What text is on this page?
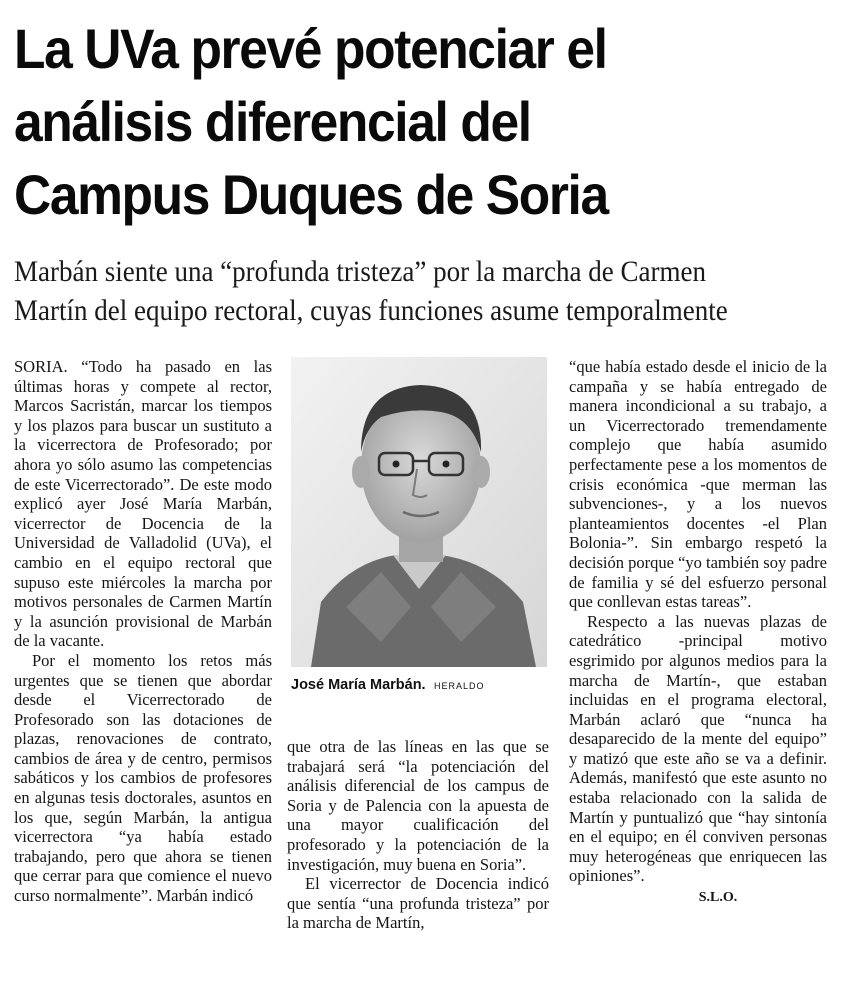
La UVa prevé potenciar el
análisis diferencial del
Campus Duques de Soria
Marbán siente una “profunda tristeza” por la marcha de Carmen
Martín del equipo rectoral, cuyas funciones asume temporalmente

SORIA. “Todo ha pasado en las últimas horas y compete al rector, Marcos Sacristán, marcar los tiempos y los plazos para buscar un sustituto a la vicerrectora de Profesorado; por ahora yo sólo asumo las competencias de este Vicerrectorado”. De este modo explicó ayer José María Marbán, vicerrector de Docencia de la Universidad de Valladolid (UVa), el cambio en el equipo rectoral que supuso este miércoles la marcha por motivos personales de Carmen Martín y la asunción provisional de Marbán de la vacante.

Por el momento los retos más urgentes que se tienen que abordar desde el Vicerrectorado de Profesorado son las dotaciones de plazas, renovaciones de contrato, cambios de área y de centro, permisos sabáticos y los cambios de profesores en algunas tesis doctorales, asuntos en los que, según Marbán, la antigua vicerrectora “ya había estado trabajando, pero que ahora se tienen que cerrar para que comience el nuevo curso normalmente”. Marbán indicó

José María Marbán. HERALDO

que otra de las líneas en las que se trabajará será “la potenciación del análisis diferencial de los campus de Soria y de Palencia con la apuesta de una mayor cualificación del profesorado y la potenciación de la investigación, muy buena en Soria”.

El vicerrector de Docencia indicó que sentía “una profunda tristeza” por la marcha de Martín,

“que había estado desde el inicio de la campaña y se había entregado de manera incondicional a su trabajo, a un Vicerrectorado tremendamente complejo que había asumido perfectamente pese a los momentos de crisis económica -que merman las subvenciones-, y a los nuevos planteamientos docentes -el Plan Bolonia-”. Sin embargo respetó la decisión porque “yo también soy padre de familia y sé del esfuerzo personal que conllevan estas tareas”.

Respecto a las nuevas plazas de catedrático -principal motivo esgrimido por algunos medios para la marcha de Martín-, que estaban incluidas en el programa electoral, Marbán aclaró que “nunca ha desaparecido de la mente del equipo” y matizó que este año se va a definir. Además, manifestó que este asunto no estaba relacionado con la salida de Martín y puntualizó que “hay sintonía en el equipo; en él conviven personas muy heterogéneas que enriquecen las opiniones”.

S.L.O.
